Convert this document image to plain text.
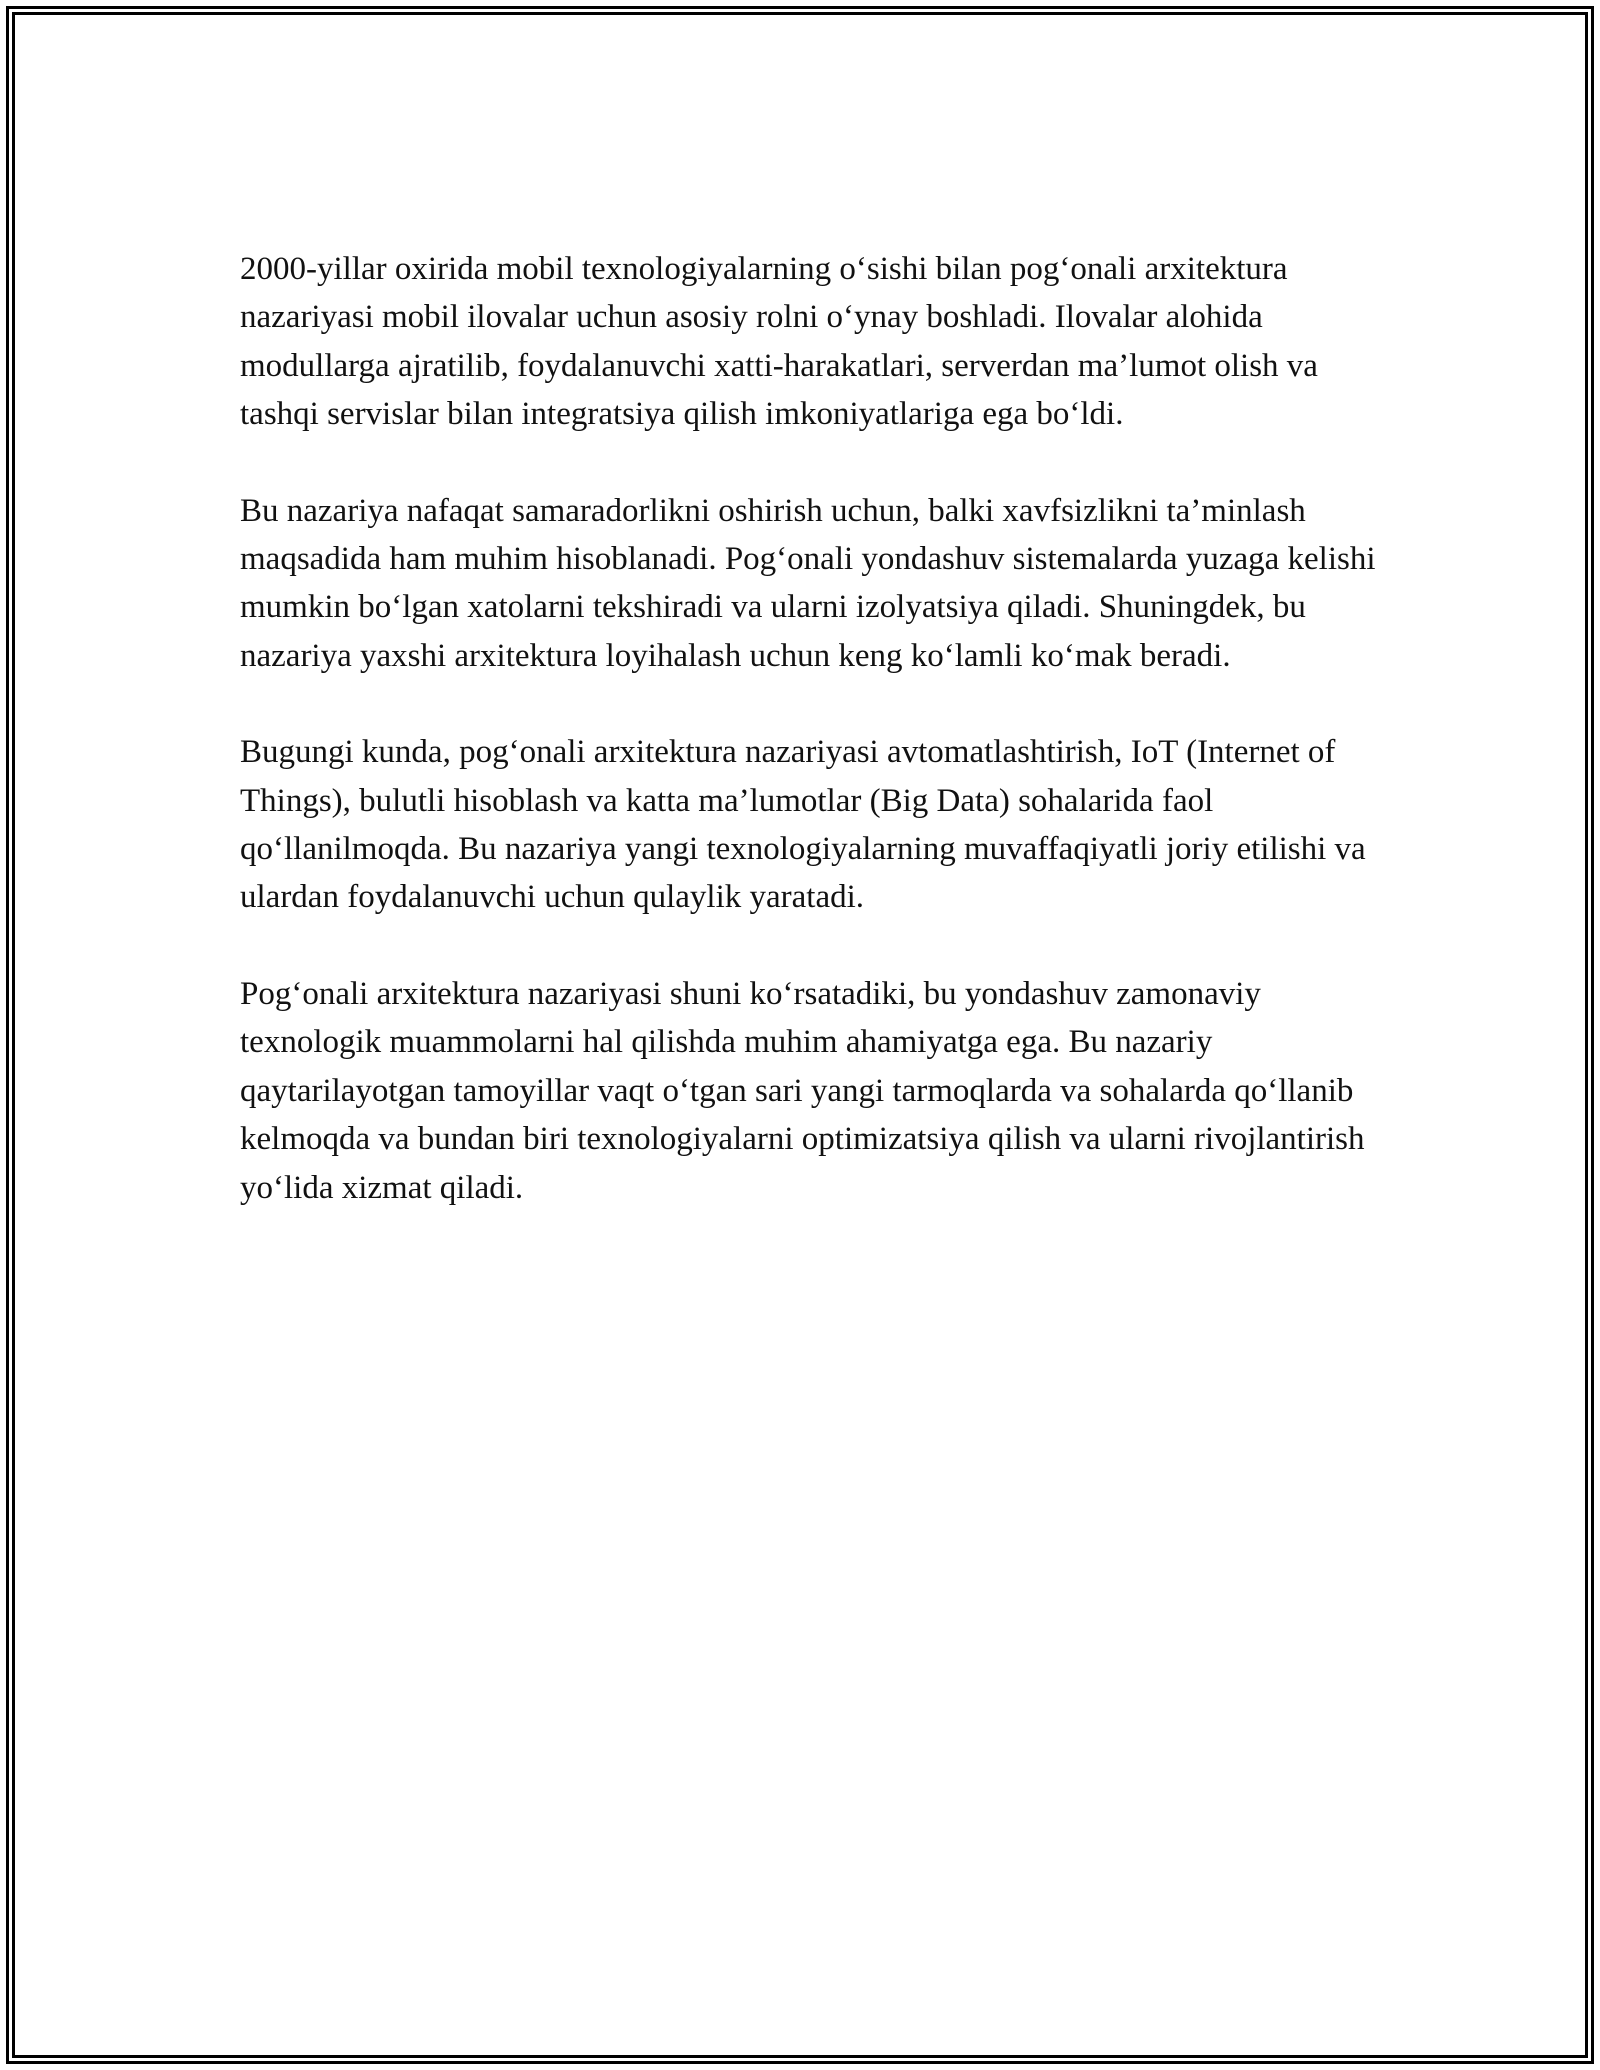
2000-yillar oxirida mobil texnologiyalarning o‘sishi bilan pog‘onali arxitektura nazariyasi mobil ilovalar uchun asosiy rolni o‘ynay boshladi. Ilovalar alohida modullarga ajratilib, foydalanuvchi xatti-harakatlari, serverdan ma’lumot olish va tashqi servislar bilan integratsiya qilish imkoniyatlariga ega bo‘ldi.

Bu nazariya nafaqat samaradorlikni oshirish uchun, balki xavfsizlikni ta’minlash maqsadida ham muhim hisoblanadi. Pog‘onali yondashuv sistemalarda yuzaga kelishi mumkin bo‘lgan xatolarni tekshiradi va ularni izolyatsiya qiladi. Shuningdek, bu nazariya yaxshi arxitektura loyihalash uchun keng ko‘lamli ko‘mak beradi.

Bugungi kunda, pog‘onali arxitektura nazariyasi avtomatlashtirish, IoT (Internet of Things), bulutli hisoblash va katta ma’lumotlar (Big Data) sohalarida faol qo‘llanilmoqda. Bu nazariya yangi texnologiyalarning muvaffaqiyatli joriy etilishi va ulardan foydalanuvchi uchun qulaylik yaratadi.

Pog‘onali arxitektura nazariyasi shuni ko‘rsatadiki, bu yondashuv zamonaviy texnologik muammolarni hal qilishda muhim ahamiyatga ega. Bu nazariy qaytarilayotgan tamoyillar vaqt o‘tgan sari yangi tarmoqlarda va sohalarda qo‘llanib kelmoqda va bundan biri texnologiyalarni optimizatsiya qilish va ularni rivojlantirish yo‘lida xizmat qiladi.
